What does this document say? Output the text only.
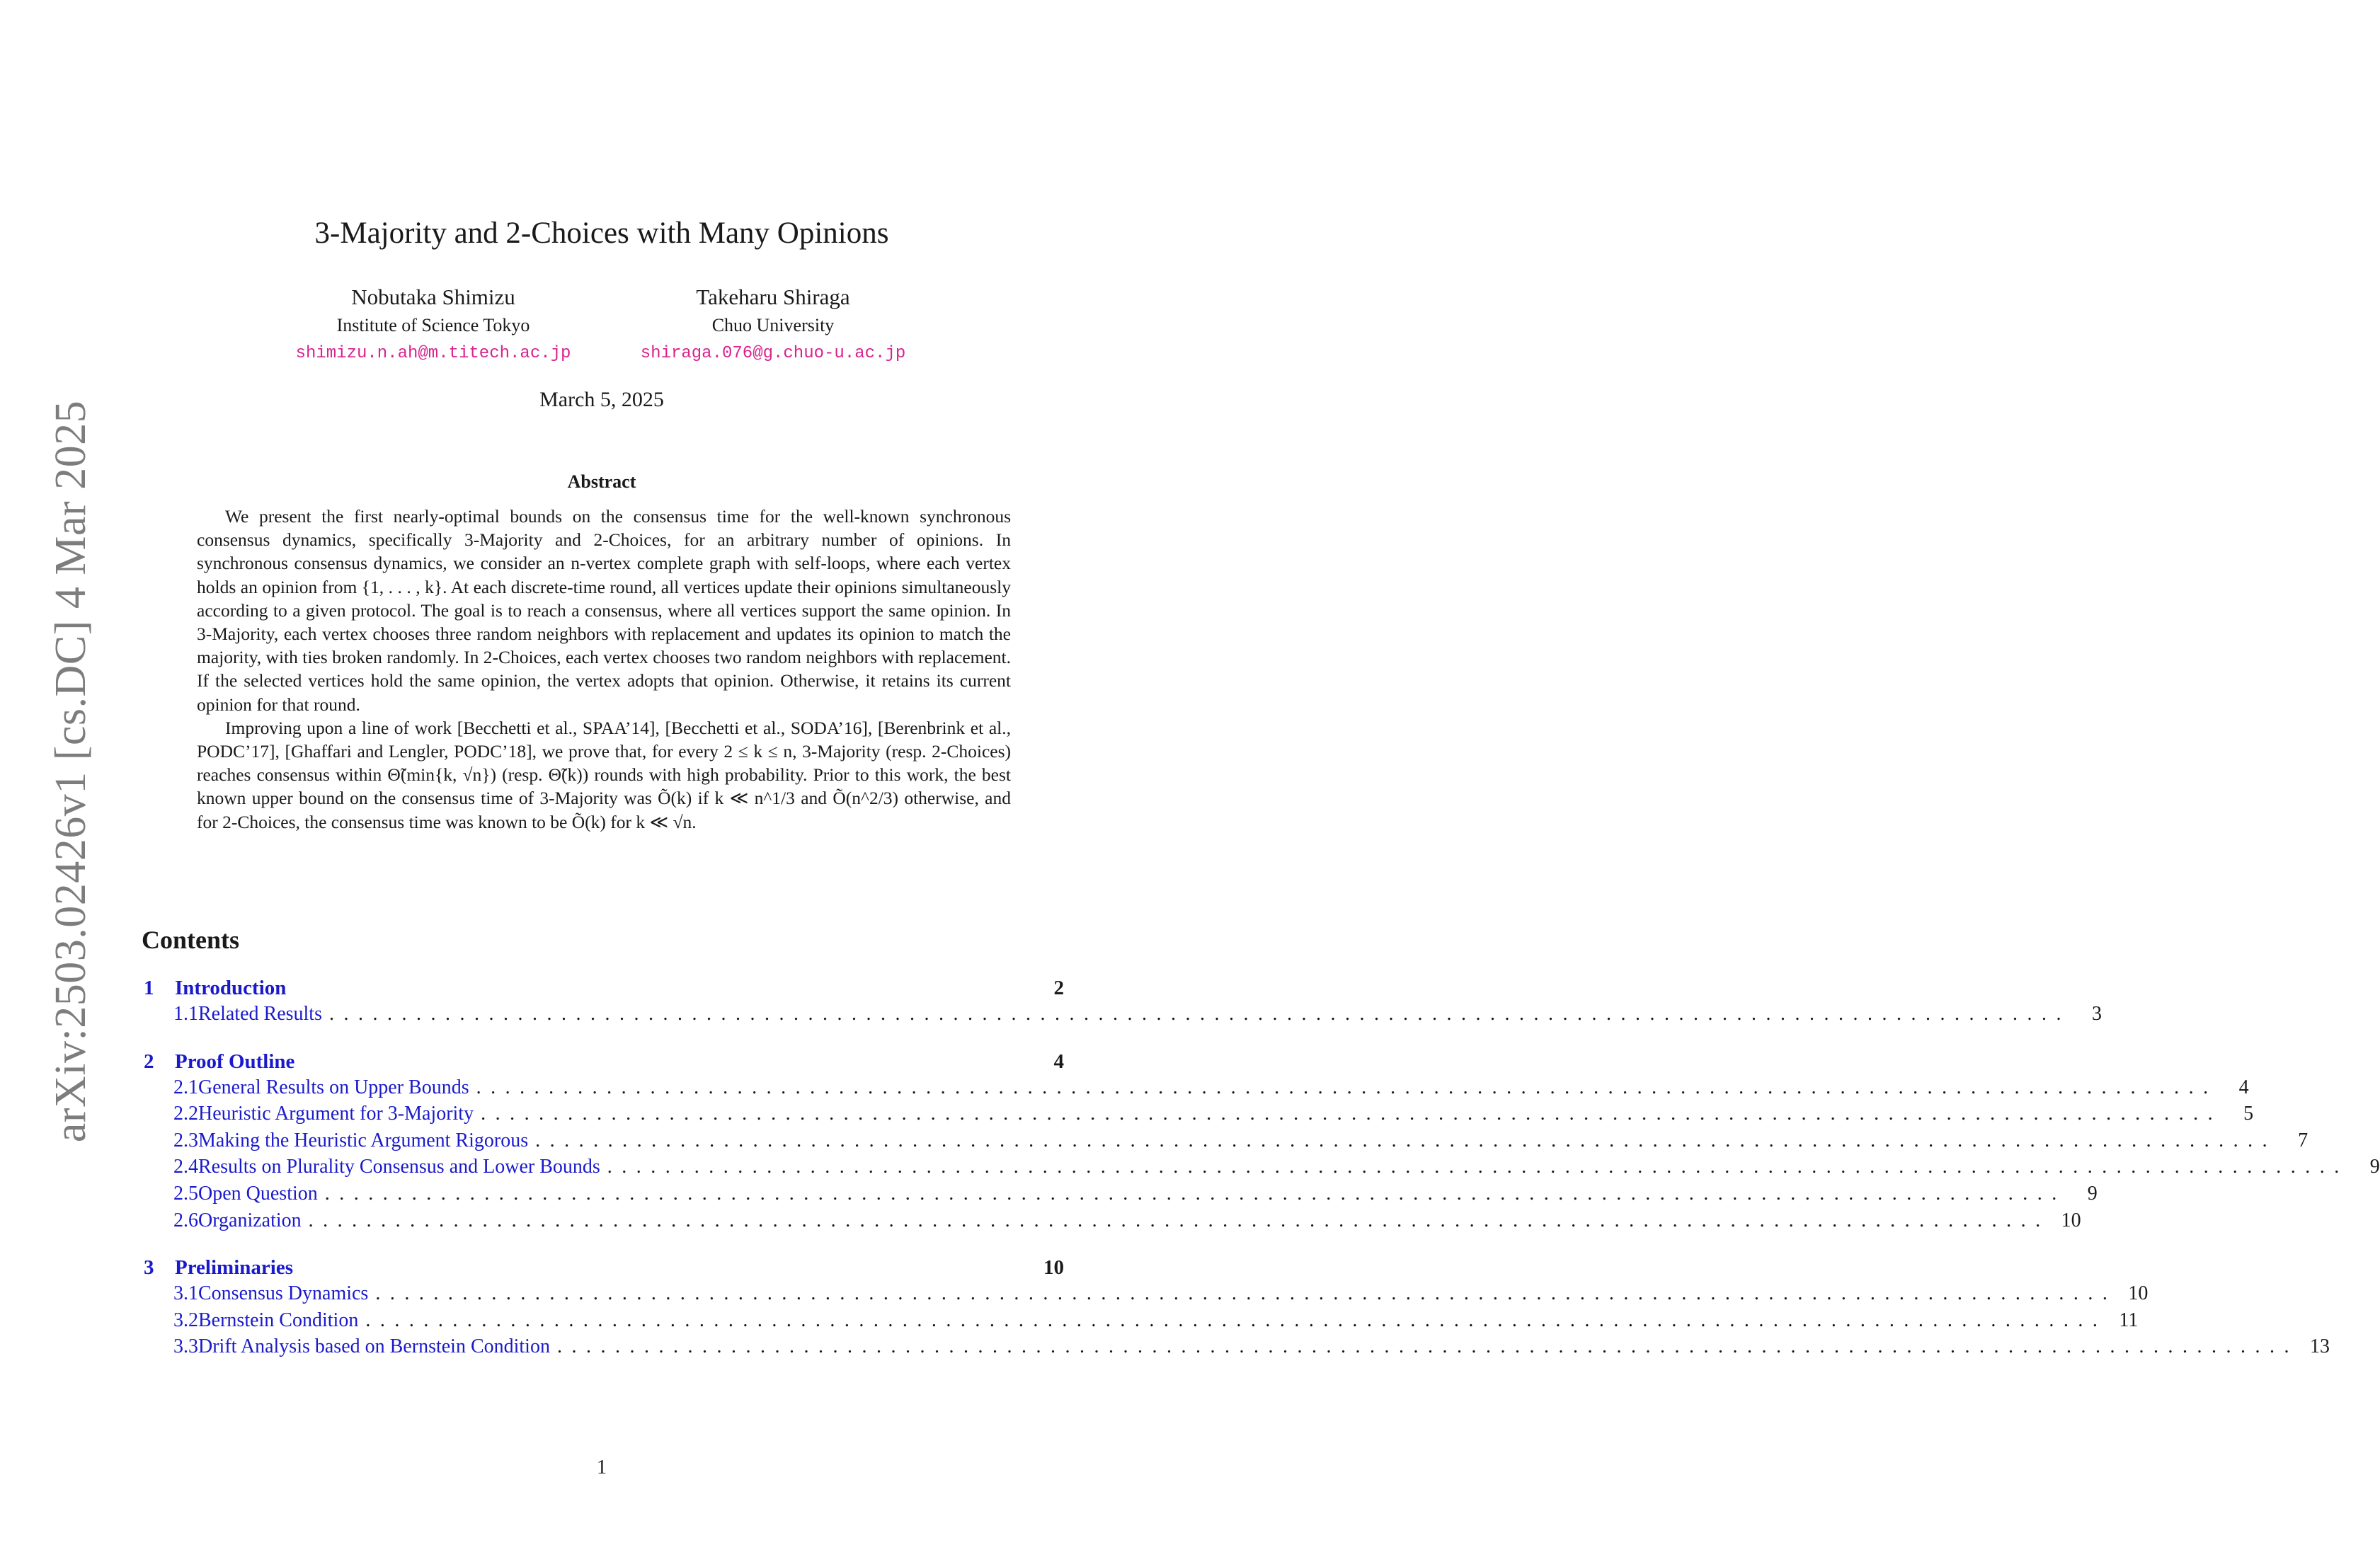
arXiv:2503.02426v1 [cs.DC] 4 Mar 2025
3-Majority and 2-Choices with Many Opinions
Nobutaka Shimizu
Institute of Science Tokyo
shimizu.n.ah@m.titech.ac.jp
Takeharu Shiraga
Chuo University
shiraga.076@g.chuo-u.ac.jp
March 5, 2025
Abstract

We present the first nearly-optimal bounds on the consensus time for the well-known synchronous consensus dynamics, specifically 3-Majority and 2-Choices, for an arbitrary number of opinions. In synchronous consensus dynamics, we consider an n-vertex complete graph with self-loops, where each vertex holds an opinion from {1, . . . , k}. At each discrete-time round, all vertices update their opinions simultaneously according to a given protocol. The goal is to reach a consensus, where all vertices support the same opinion. In 3-Majority, each vertex chooses three random neighbors with replacement and updates its opinion to match the majority, with ties broken randomly. In 2-Choices, each vertex chooses two random neighbors with replacement. If the selected vertices hold the same opinion, the vertex adopts that opinion. Otherwise, it retains its current opinion for that round.

Improving upon a line of work [Becchetti et al., SPAA’14], [Becchetti et al., SODA’16], [Berenbrink et al., PODC’17], [Ghaffari and Lengler, PODC’18], we prove that, for every 2 ≤ k ≤ n, 3-Majority (resp. 2-Choices) reaches consensus within Θ̃(min{k, √n}) (resp. Θ̃(k)) rounds with high probability. Prior to this work, the best known upper bound on the consensus time of 3-Majority was Õ(k) if k ≪ n^1/3 and Õ(n^2/3) otherwise, and for 2-Choices, the consensus time was known to be Õ(k) for k ≪ √n.

Contents
1	Introduction	2
1.1 Related Results ........................................................................................................................	3
2	Proof Outline	4
2.1 General Results on Upper Bounds ........................................................................................................................	4
2.2 Heuristic Argument for 3-Majority ........................................................................................................................	5
2.3 Making the Heuristic Argument Rigorous ........................................................................................................................	7
2.4 Results on Plurality Consensus and Lower Bounds ........................................................................................................................	9
2.5 Open Question ........................................................................................................................	9
2.6 Organization ........................................................................................................................ 10
3	Preliminaries	10
3.1 Consensus Dynamics ........................................................................................................................ 10
3.2 Bernstein Condition ........................................................................................................................ 11
3.3 Drift Analysis based on Bernstein Condition ........................................................................................................................ 13
1
